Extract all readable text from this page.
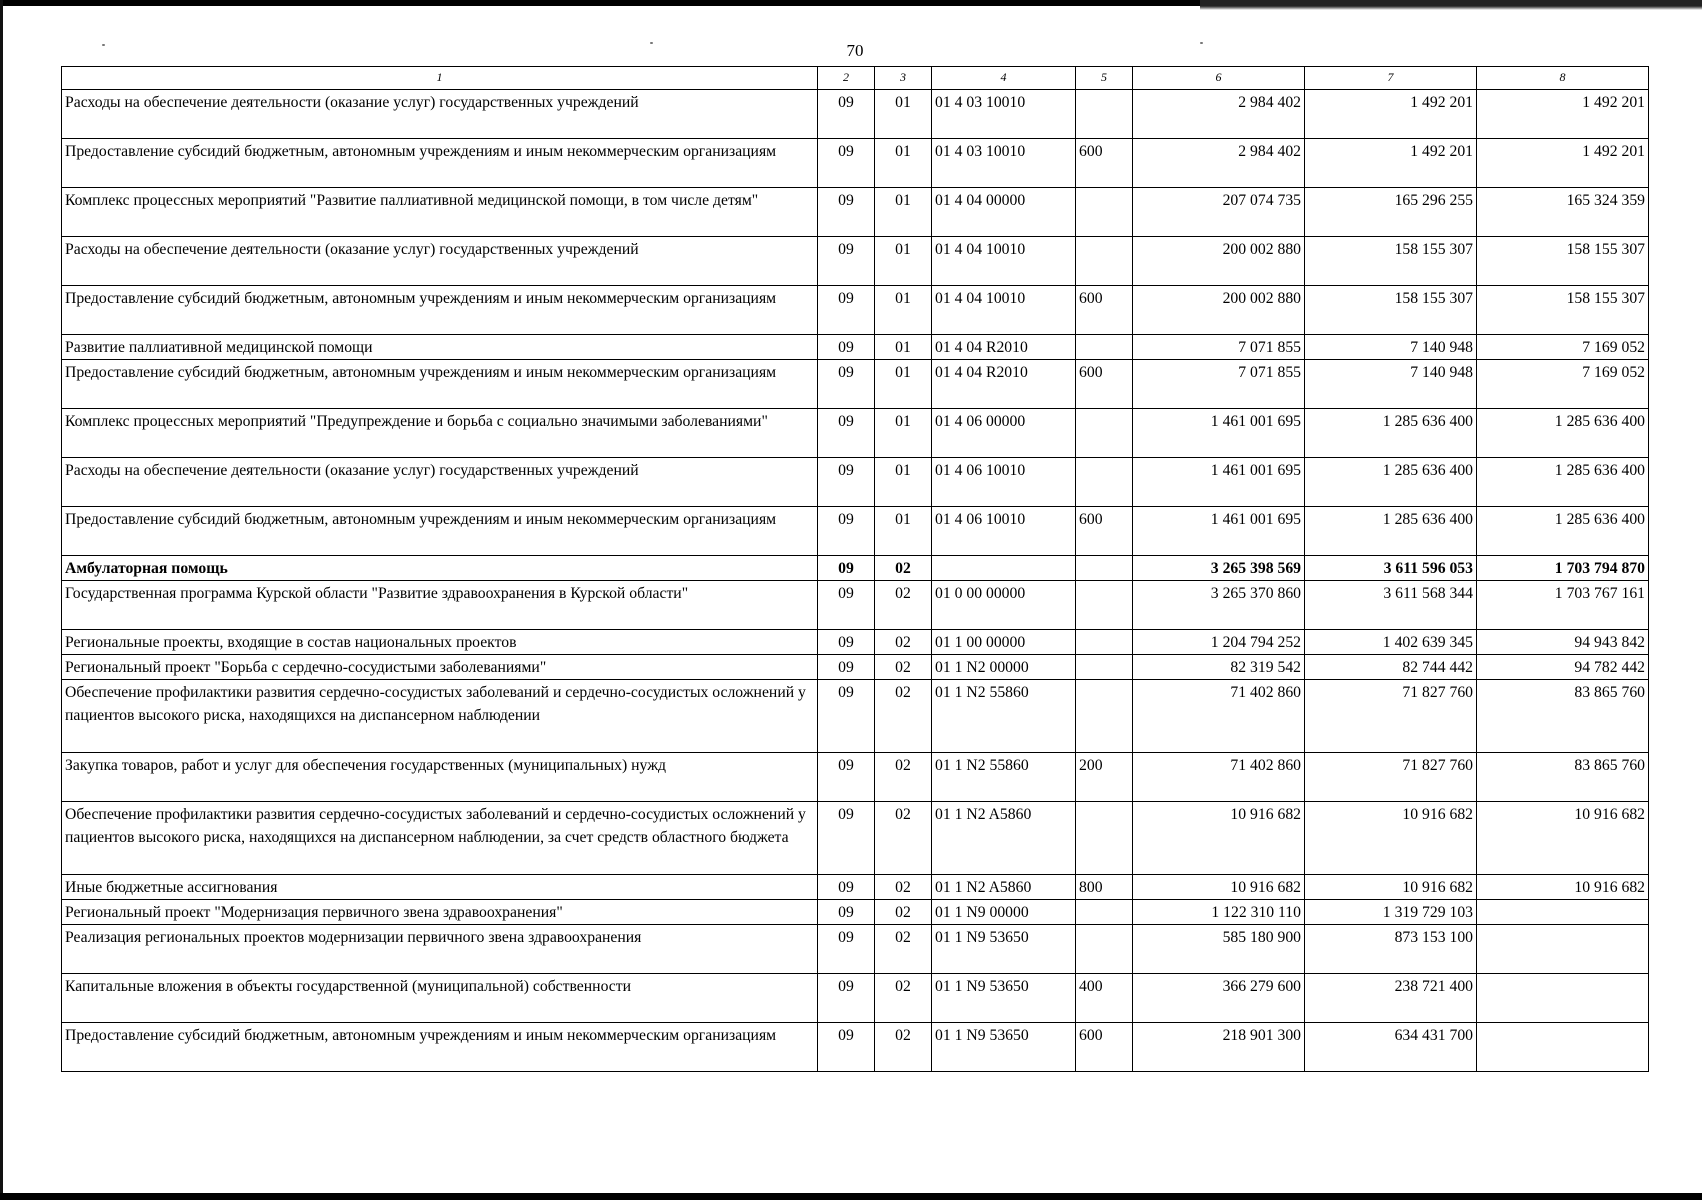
70
1	2	3	4	5	6	7	8
Расходы на обеспечение деятельности (оказание услуг) государственных учреждений	09	01	01 4 03 10010		2 984 402	1 492 201	1 492 201
Предоставление субсидий бюджетным, автономным учреждениям и иным некоммерческим организациям	09	01	01 4 03 10010	600	2 984 402	1 492 201	1 492 201
Комплекс процессных мероприятий "Развитие паллиативной медицинской помощи, в том числе детям"	09	01	01 4 04 00000		207 074 735	165 296 255	165 324 359
Расходы на обеспечение деятельности (оказание услуг) государственных учреждений	09	01	01 4 04 10010		200 002 880	158 155 307	158 155 307
Предоставление субсидий бюджетным, автономным учреждениям и иным некоммерческим организациям	09	01	01 4 04 10010	600	200 002 880	158 155 307	158 155 307
Развитие паллиативной медицинской помощи	09	01	01 4 04 R2010		7 071 855	7 140 948	7 169 052
Предоставление субсидий бюджетным, автономным учреждениям и иным некоммерческим организациям	09	01	01 4 04 R2010	600	7 071 855	7 140 948	7 169 052
Комплекс процессных мероприятий "Предупреждение и борьба с социально значимыми заболеваниями"	09	01	01 4 06 00000		1 461 001 695	1 285 636 400	1 285 636 400
Расходы на обеспечение деятельности (оказание услуг) государственных учреждений	09	01	01 4 06 10010		1 461 001 695	1 285 636 400	1 285 636 400
Предоставление субсидий бюджетным, автономным учреждениям и иным некоммерческим организациям	09	01	01 4 06 10010	600	1 461 001 695	1 285 636 400	1 285 636 400
Амбулаторная помощь	09	02			3 265 398 569	3 611 596 053	1 703 794 870
Государственная программа Курской области "Развитие здравоохранения в Курской области"	09	02	01 0 00 00000		3 265 370 860	3 611 568 344	1 703 767 161
Региональные проекты, входящие в состав национальных проектов	09	02	01 1 00 00000		1 204 794 252	1 402 639 345	94 943 842
Региональный проект "Борьба с сердечно-сосудистыми заболеваниями"	09	02	01 1 N2 00000		82 319 542	82 744 442	94 782 442
Обеспечение профилактики развития сердечно-сосудистых заболеваний и сердечно-сосудистых осложнений у пациентов высокого риска, находящихся на диспансерном наблюдении	09	02	01 1 N2 55860		71 402 860	71 827 760	83 865 760
Закупка товаров, работ и услуг для обеспечения государственных (муниципальных) нужд	09	02	01 1 N2 55860	200	71 402 860	71 827 760	83 865 760
Обеспечение профилактики развития сердечно-сосудистых заболеваний и сердечно-сосудистых осложнений у пациентов высокого риска, находящихся на диспансерном наблюдении, за счет средств областного бюджета	09	02	01 1 N2 A5860		10 916 682	10 916 682	10 916 682
Иные бюджетные ассигнования	09	02	01 1 N2 A5860	800	10 916 682	10 916 682	10 916 682
Региональный проект "Модернизация первичного звена здравоохранения"	09	02	01 1 N9 00000		1 122 310 110	1 319 729 103	
Реализация региональных проектов модернизации первичного звена здравоохранения	09	02	01 1 N9 53650		585 180 900	873 153 100	
Капитальные вложения в объекты государственной (муниципальной) собственности	09	02	01 1 N9 53650	400	366 279 600	238 721 400	
Предоставление субсидий бюджетным, автономным учреждениям и иным некоммерческим организациям	09	02	01 1 N9 53650	600	218 901 300	634 431 700	
